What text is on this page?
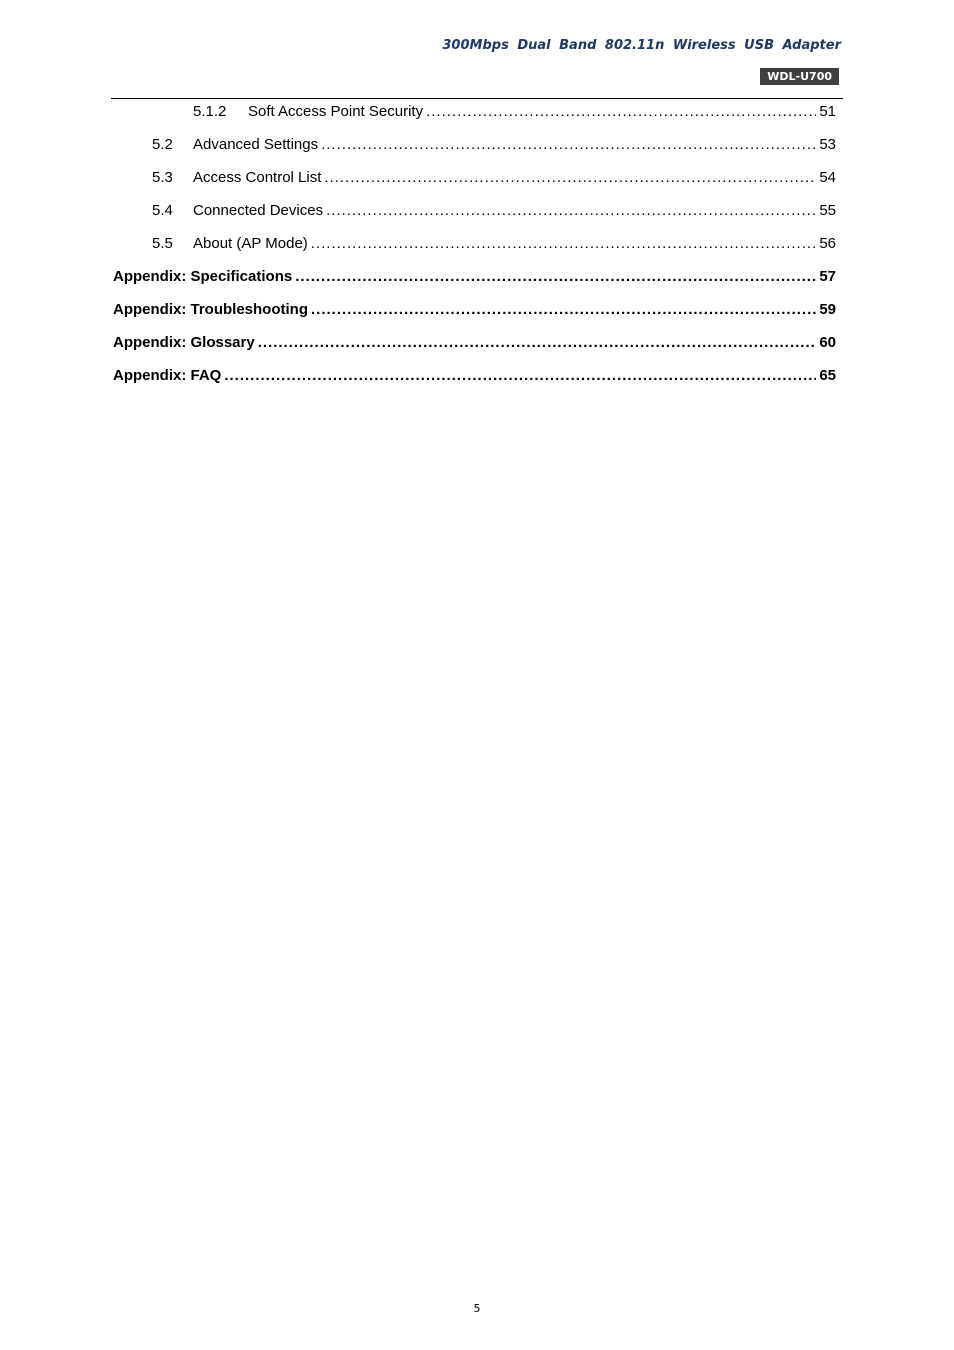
300Mbps Dual Band 802.11n Wireless USB Adapter
WDL-U700
5.1.2	Soft Access Point Security .....	51
5.2	Advanced Settings .....	53
5.3	Access Control List .....	54
5.4	Connected Devices .....	55
5.5	About (AP Mode) .....	56
Appendix: Specifications .....	57
Appendix: Troubleshooting .....	59
Appendix: Glossary .....	60
Appendix: FAQ .....	65
5
